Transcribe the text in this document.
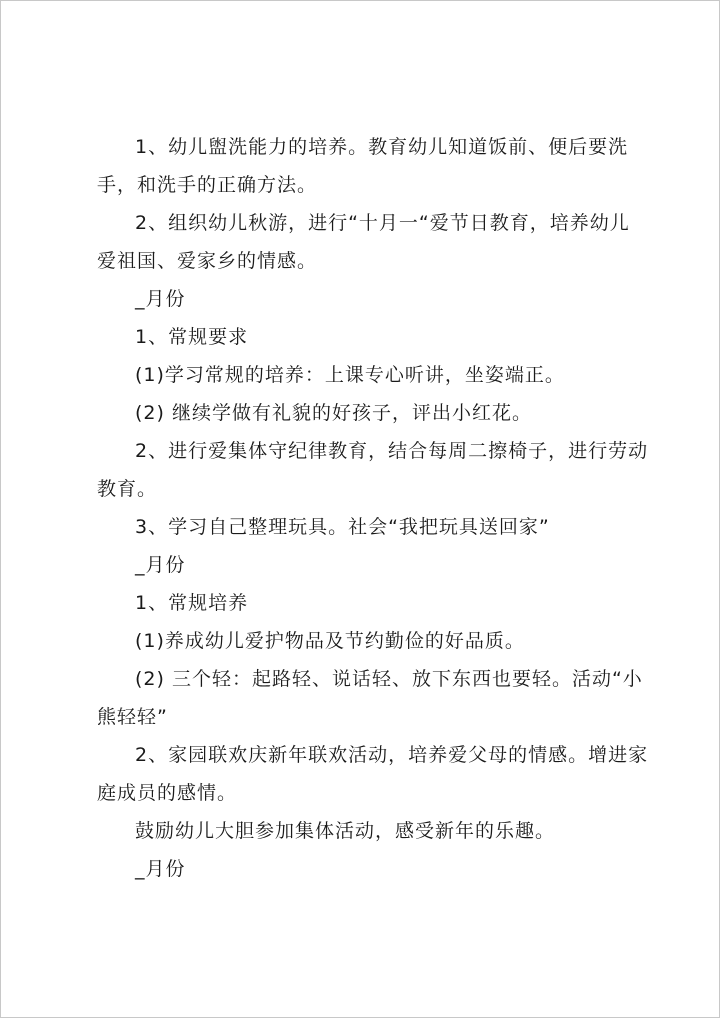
1、幼儿盥洗能力的培养。教育幼儿知道饭前、便后要洗
手，和洗手的正确方法。
2、组织幼儿秋游，进行“十月一“爱节日教育，培养幼儿
爱祖国、爱家乡的情感。
_月份
1、常规要求
(1)学习常规的培养：上课专心听讲，坐姿端正。
(2) 继续学做有礼貌的好孩子，评出小红花。
2、进行爱集体守纪律教育，结合每周二擦椅子，进行劳动
教育。
3、学习自己整理玩具。社会“我把玩具送回家”
_月份
1、常规培养
(1)养成幼儿爱护物品及节约勤俭的好品质。
(2) 三个轻：起路轻、说话轻、放下东西也要轻。活动“小
熊轻轻”
2、家园联欢庆新年联欢活动，培养爱父母的情感。增进家
庭成员的感情。
鼓励幼儿大胆参加集体活动，感受新年的乐趣。
_月份
